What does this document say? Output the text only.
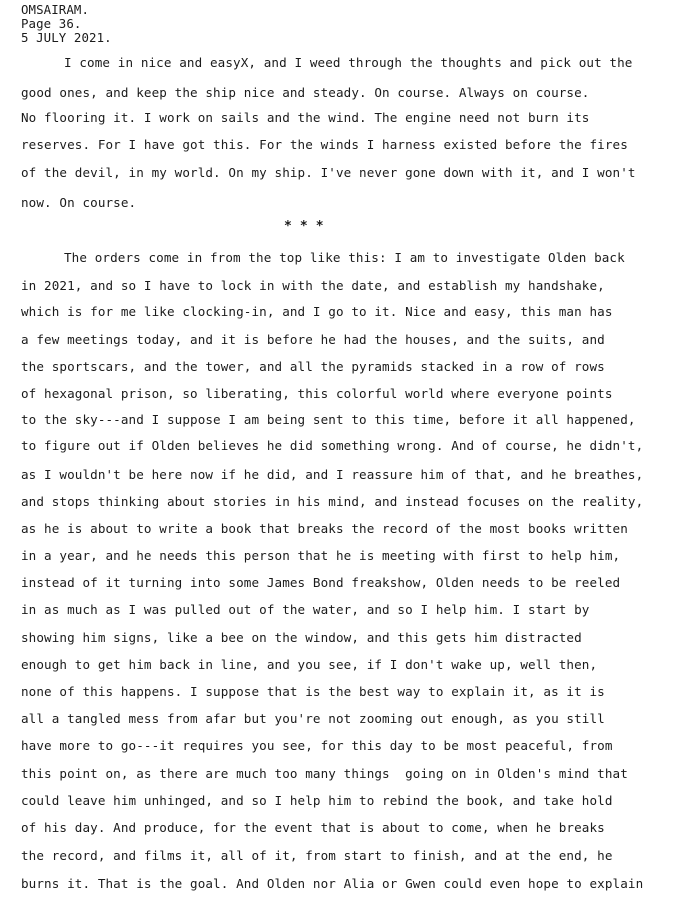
OMSAIRAM.
Page 36.
5 JULY 2021.
I come in nice and easyX, and I weed through the thoughts and pick out the
good ones, and keep the ship nice and steady. On course. Always on course.
No flooring it. I work on sails and the wind. The engine need not burn its
reserves. For I have got this. For the winds I harness existed before the fires
of the devil, in my world. On my ship. I've never gone down with it, and I won't
now. On course.
* * *
The orders come in from the top like this: I am to investigate Olden back
in 2021, and so I have to lock in with the date, and establish my handshake,
which is for me like clocking-in, and I go to it. Nice and easy, this man has
a few meetings today, and it is before he had the houses, and the suits, and
the sportscars, and the tower, and all the pyramids stacked in a row of rows
of hexagonal prison, so liberating, this colorful world where everyone points
to the sky---and I suppose I am being sent to this time, before it all happened,
to figure out if Olden believes he did something wrong. And of course, he didn't,
as I wouldn't be here now if he did, and I reassure him of that, and he breathes,
and stops thinking about stories in his mind, and instead focuses on the reality,
as he is about to write a book that breaks the record of the most books written
in a year, and he needs this person that he is meeting with first to help him,
instead of it turning into some James Bond freakshow, Olden needs to be reeled
in as much as I was pulled out of the water, and so I help him. I start by
showing him signs, like a bee on the window, and this gets him distracted
enough to get him back in line, and you see, if I don't wake up, well then,
none of this happens. I suppose that is the best way to explain it, as it is
all a tangled mess from afar but you're not zooming out enough, as you still
have more to go---it requires you see, for this day to be most peaceful, from
this point on, as there are much too many things  going on in Olden's mind that
could leave him unhinged, and so I help him to rebind the book, and take hold
of his day. And produce, for the event that is about to come, when he breaks
the record, and films it, all of it, from start to finish, and at the end, he
burns it. That is the goal. And Olden nor Alia or Gwen could even hope to explain
